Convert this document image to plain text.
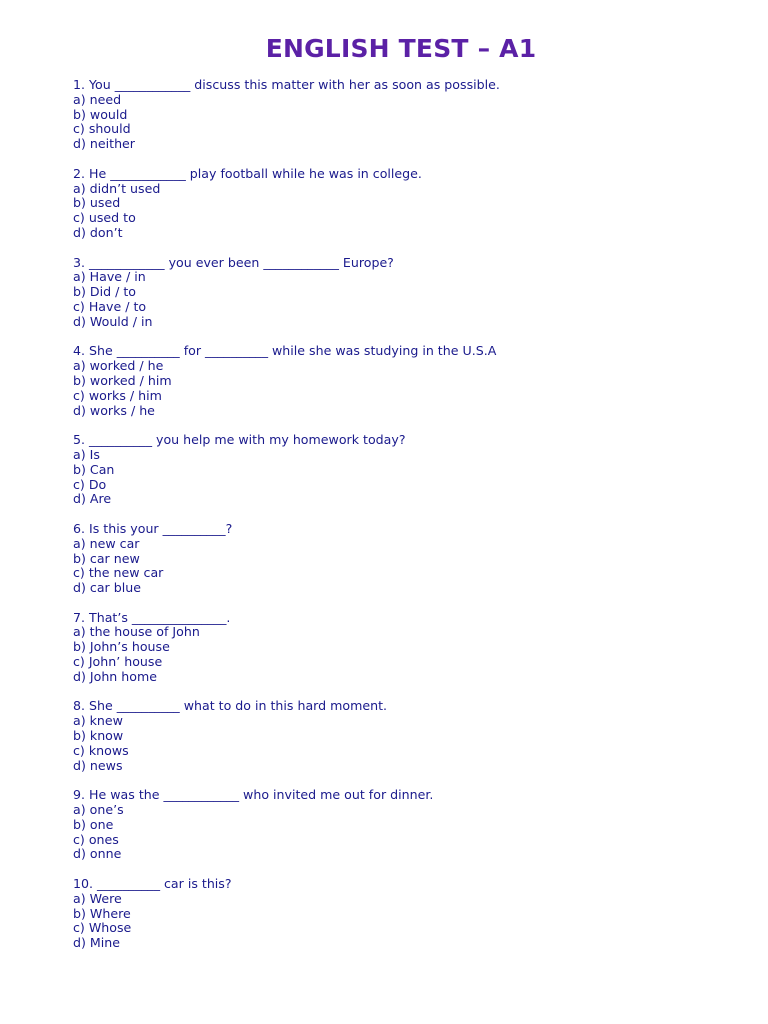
ENGLISH TEST – A1
1. You ____________ discuss this matter with her as soon as possible.
a) need
b) would
c) should
d) neither
2. He ____________ play football while he was in college.
a) didn’t used
b) used
c) used to
d) don’t
3. ____________ you ever been ____________ Europe?
a) Have / in
b) Did / to
c) Have / to
d) Would / in
4. She __________ for __________ while she was studying in the U.S.A
a) worked / he
b) worked / him
c) works / him
d) works / he
5. __________ you help me with my homework today?
a) Is
b) Can
c) Do
d) Are
6. Is this your __________?
a) new car
b) car new
c) the new car
d) car blue
7. That’s _______________.
a) the house of John
b) John’s house
c) John’ house
d) John home
8. She __________ what to do in this hard moment.
a) knew
b) know
c) knows
d) news
9. He was the ____________ who invited me out for dinner.
a) one’s
b) one
c) ones
d) onne
10. __________ car is this?
a) Were
b) Where
c) Whose
d) Mine
